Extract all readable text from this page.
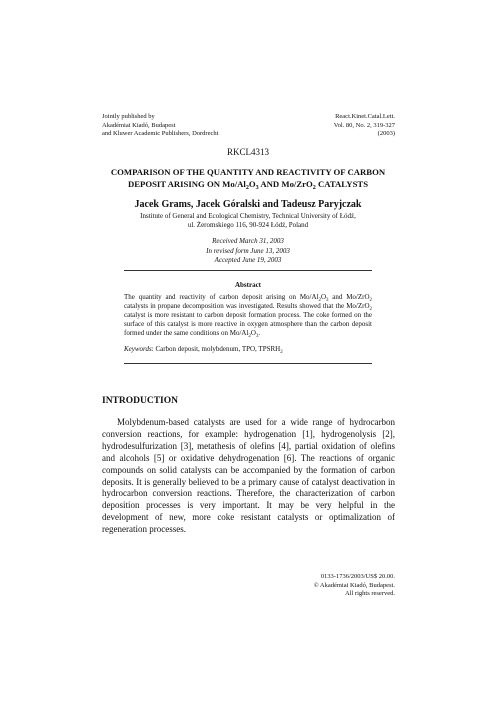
Jointly published by
Akadémiai Kiadó, Budapest
and Kluwer Academic Publishers, Dordrecht
React.Kinet.Catal.Lett.
Vol. 80, No. 2, 319-327
(2003)
RKCL4313
COMPARISON OF THE QUANTITY AND REACTIVITY OF CARBON
DEPOSIT ARISING ON $Mo/Al_2O_3$ AND Mo/ZrO$_2$ CATALYSTS
Jacek Grams, Jacek Góralski and Tadeusz Paryjczak
Institute of General and Ecological Chemistry, Technical University of Łódź,
ul. Żeromskiego 116, 90-924 Łódź, Poland
Received March 31, 2003
In revised form June 13, 2003
Accepted June 19, 2003
Abstract
The quantity and reactivity of carbon deposit arising on $Mo/Al_2O_3$ and Mo/ZrO$_2$ catalysts in propane decomposition was investigated. Results showed that the Mo/ZrO$_2$ catalyst is more resistant to carbon deposit formation process. The coke formed on the surface of this catalyst is more reactive in oxygen atmosphere than the carbon deposit formed under the same conditions on $Mo/Al_2O_3$.
Keywords: Carbon deposit, molybdenum, TPO, $TPSRH_2$
INTRODUCTION
Molybdenum-based catalysts are used for a wide range of hydrocarbon conversion reactions, for example: hydrogenation [1], hydrogenolysis [2], hydrodesulfurization [3], metathesis of olefins [4], partial oxidation of olefins and alcohols [5] or oxidative dehydrogenation [6]. The reactions of organic compounds on solid catalysts can be accompanied by the formation of carbon deposits. It is generally believed to be a primary cause of catalyst deactivation in hydrocarbon conversion reactions. Therefore, the characterization of carbon deposition processes is very important. It may be very helpful in the development of new, more coke resistant catalysts or optimalization of regeneration processes.
0133-1736/2003/US$ 20.00.
© Akadémiai Kiadó, Budapest.
All rights reserved.
